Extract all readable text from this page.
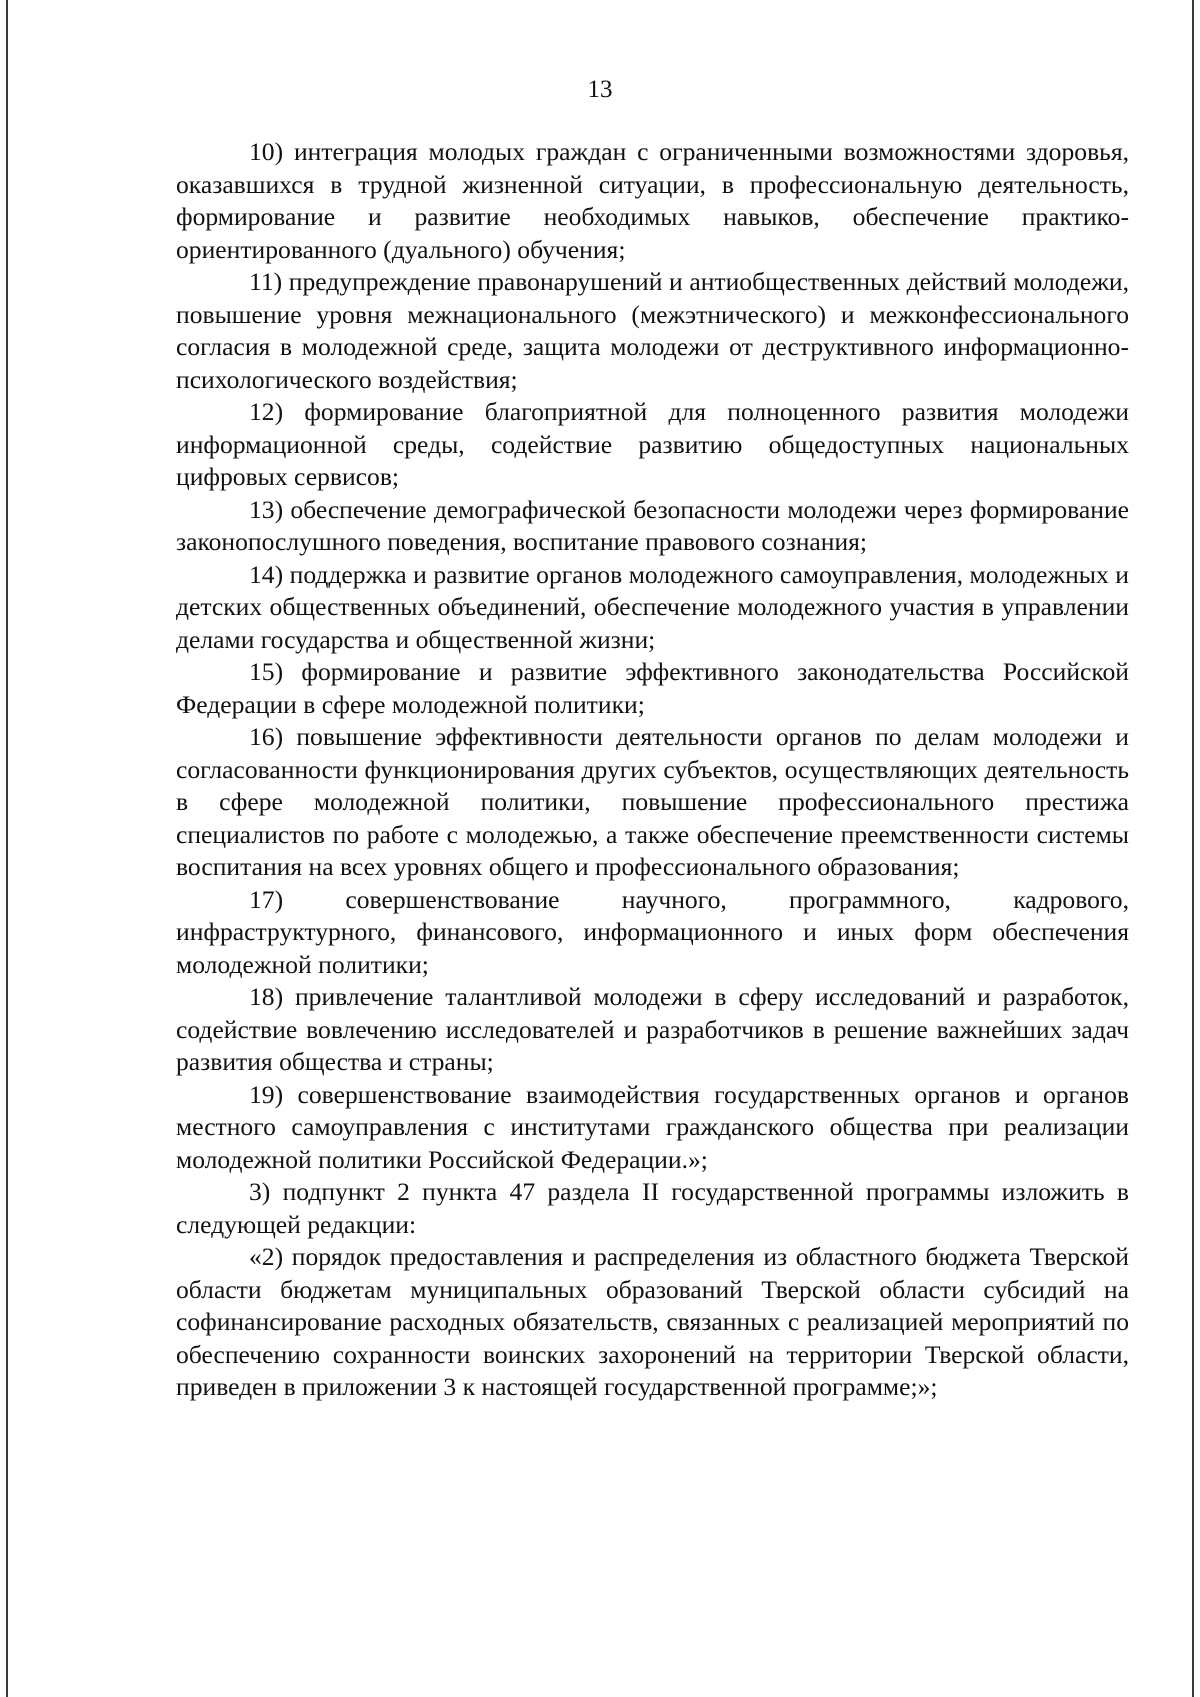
13

10) интеграция молодых граждан с ограниченными возможностями здоровья, оказавшихся в трудной жизненной ситуации, в профессиональную деятельность, формирование и развитие необходимых навыков, обеспечение практико-ориентированного (дуального) обучения;

11) предупреждение правонарушений и антиобщественных действий молодежи, повышение уровня межнационального (межэтнического) и межконфессионального согласия в молодежной среде, защита молодежи от деструктивного информационно-психологического воздействия;

12) формирование благоприятной для полноценного развития молодежи информационной среды, содействие развитию общедоступных национальных цифровых сервисов;

13) обеспечение демографической безопасности молодежи через формирование законопослушного поведения, воспитание правового сознания;

14) поддержка и развитие органов молодежного самоуправления, молодежных и детских общественных объединений, обеспечение молодежного участия в управлении делами государства и общественной жизни;

15) формирование и развитие эффективного законодательства Российской Федерации в сфере молодежной политики;

16) повышение эффективности деятельности органов по делам молодежи и согласованности функционирования других субъектов, осуществляющих деятельность в сфере молодежной политики, повышение профессионального престижа специалистов по работе с молодежью, а также обеспечение преемственности системы воспитания на всех уровнях общего и профессионального образования;

17) совершенствование научного, программного, кадрового, инфраструктурного, финансового, информационного и иных форм обеспечения молодежной политики;

18) привлечение талантливой молодежи в сферу исследований и разработок, содействие вовлечению исследователей и разработчиков в решение важнейших задач развития общества и страны;

19) совершенствование взаимодействия государственных органов и органов местного самоуправления с институтами гражданского общества при реализации молодежной политики Российской Федерации.»;

3) подпункт 2 пункта 47 раздела II государственной программы изложить в следующей редакции:

«2) порядок предоставления и распределения из областного бюджета Тверской области бюджетам муниципальных образований Тверской области субсидий на софинансирование расходных обязательств, связанных с реализацией мероприятий по обеспечению сохранности воинских захоронений на территории Тверской области, приведен в приложении 3 к настоящей государственной программе;»;
